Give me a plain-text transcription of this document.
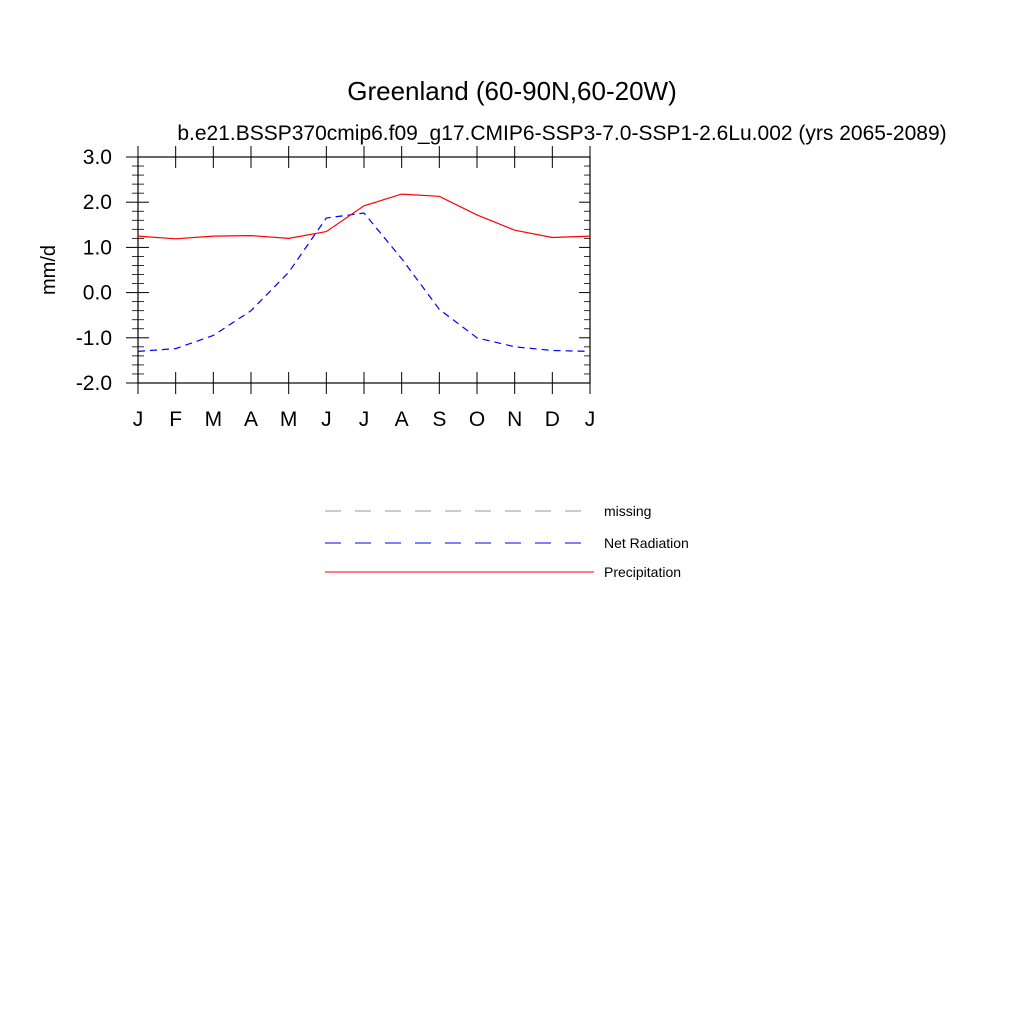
Greenland (60-90N,60-20W)
b.e21.BSSP370cmip6.f09_g17.CMIP6-SSP3-7.0-SSP1-2.6Lu.002 (yrs 2065-2089)
mm/d
3.0
2.0
1.0
0.0
-1.0
-2.0
J F M A M J J A S O N D J
missing
Net Radiation
Precipitation
